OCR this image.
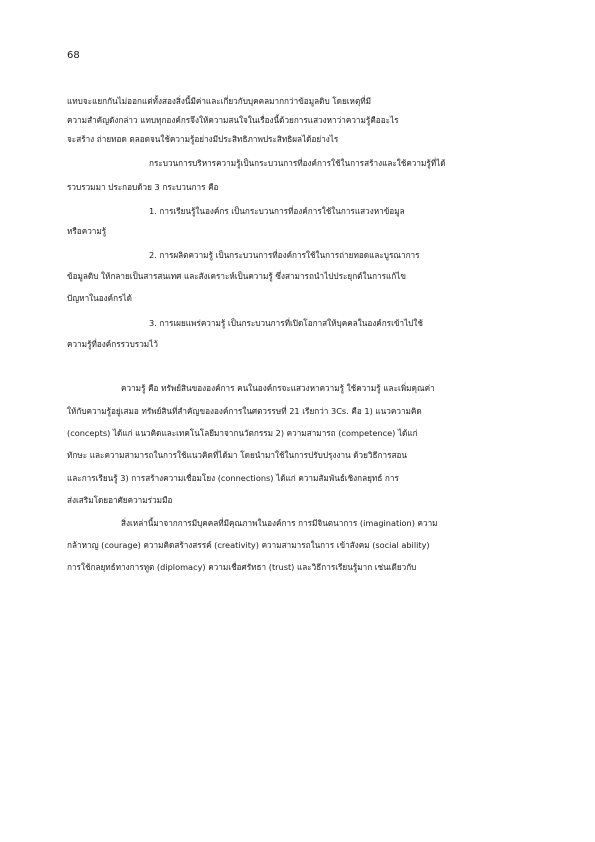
68
แทบจะแยกกันไม่ออกแต่ทั้งสองสิ่งนี้มีค่าและเกี่ยวกับบุคคลมากกว่าข้อมูลดิบ โดยเหตุที่มี
ความสำคัญดังกล่าว แทบทุกองค์กรจึงให้ความสนใจในเรื่องนี้ด้วยการแสวงหาว่าความรู้คืออะไร
จะสร้าง ถ่ายทอด ตลอดจนใช้ความรู้อย่างมีประสิทธิภาพประสิทธิผลได้อย่างไร
กระบวนการบริหารความรู้เป็นกระบวนการที่องค์การใช้ในการสร้างและใช้ความรู้ที่ได้
รวบรวมมา ประกอบด้วย 3 กระบวนการ คือ
1. การเรียนรู้ในองค์กร เป็นกระบวนการที่องค์การใช้ในการแสวงหาข้อมูล
หรือความรู้
2. การผลิตความรู้ เป็นกระบวนการที่องค์การใช้ในการถ่ายทอดและบูรณาการ
ข้อมูลดิบ ให้กลายเป็นสารสนเทศ และสังเคราะห์เป็นความรู้ ซึ่งสามารถนำไปประยุกต์ในการแก้ไข
ปัญหาในองค์กรได้
3. การเผยแพร่ความรู้ เป็นกระบวนการที่เปิดโอกาสให้บุคคลในองค์กรเข้าไปใช้
ความรู้ที่องค์กรรวบรวมไว้
ความรู้ คือ ทรัพย์สินขององค์การ คนในองค์กรจะแสวงหาความรู้ ใช้ความรู้ และเพิ่มคุณค่า
ให้กับความรู้อยู่เสมอ ทรัพย์สินที่สำคัญขององค์การในศตวรรษที่ 21 เรียกว่า 3Cs. คือ 1) แนวความคิด
(concepts) ได้แก่ แนวคิดและเทคโนโลยีมาจากนวัตกรรม 2) ความสามารถ (competence) ได้แก่
ทักษะ และความสามารถในการใช้แนวคิดที่ได้มา โดยนำมาใช้ในการปรับปรุงงาน ด้วยวิธีการสอน
และการเรียนรู้ 3) การสร้างความเชื่อมโยง (connections) ได้แก่ ความสัมพันธ์เชิงกลยุทธ์ การ
ส่งเสริมโดยอาศัยความร่วมมือ
สิ่งเหล่านี้มาจากการมีบุคคลที่มีคุณภาพในองค์การ การมีจินตนาการ (imagination) ความ
กล้าหาญ (courage) ความคิดสร้างสรรค์ (creativity) ความสามารถในการ เข้าสังคม (social ability)
การใช้กลยุทธ์ทางการทูต (diplomacy) ความเชื่อศรัทธา (trust) และวิธีการเรียนรู้มาก เช่นเดียวกับ
